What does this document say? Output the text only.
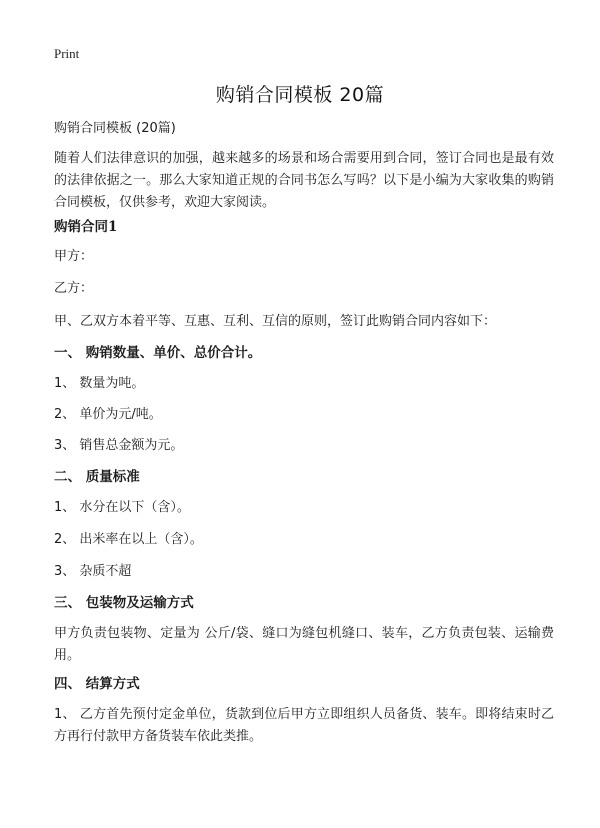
Print
购销合同模板 20篇
购销合同模板 (20篇)
随着人们法律意识的加强，越来越多的场景和场合需要用到合同，签订合同也是最有效的法律依据之一。那么大家知道正规的合同书怎么写吗？以下是小编为大家收集的购销合同模板，仅供参考，欢迎大家阅读。
购销合同1
甲方：
乙方：
甲、乙双方本着平等、互惠、互利、互信的原则，签订此购销合同内容如下：
一、 购销数量、单价、总价合计。
1、 数量为吨。
2、 单价为元/吨。
3、 销售总金额为元。
二、 质量标准
1、 水分在以下（含）。
2、 出米率在以上（含）。
3、 杂质不超
三、 包装物及运输方式
甲方负责包装物、定量为 公斤/袋、缝口为缝包机缝口、装车，乙方负责包装、运输费用。
四、 结算方式
1、 乙方首先预付定金单位，货款到位后甲方立即组织人员备货、装车。即将结束时乙方再行付款甲方备货装车依此类推。
